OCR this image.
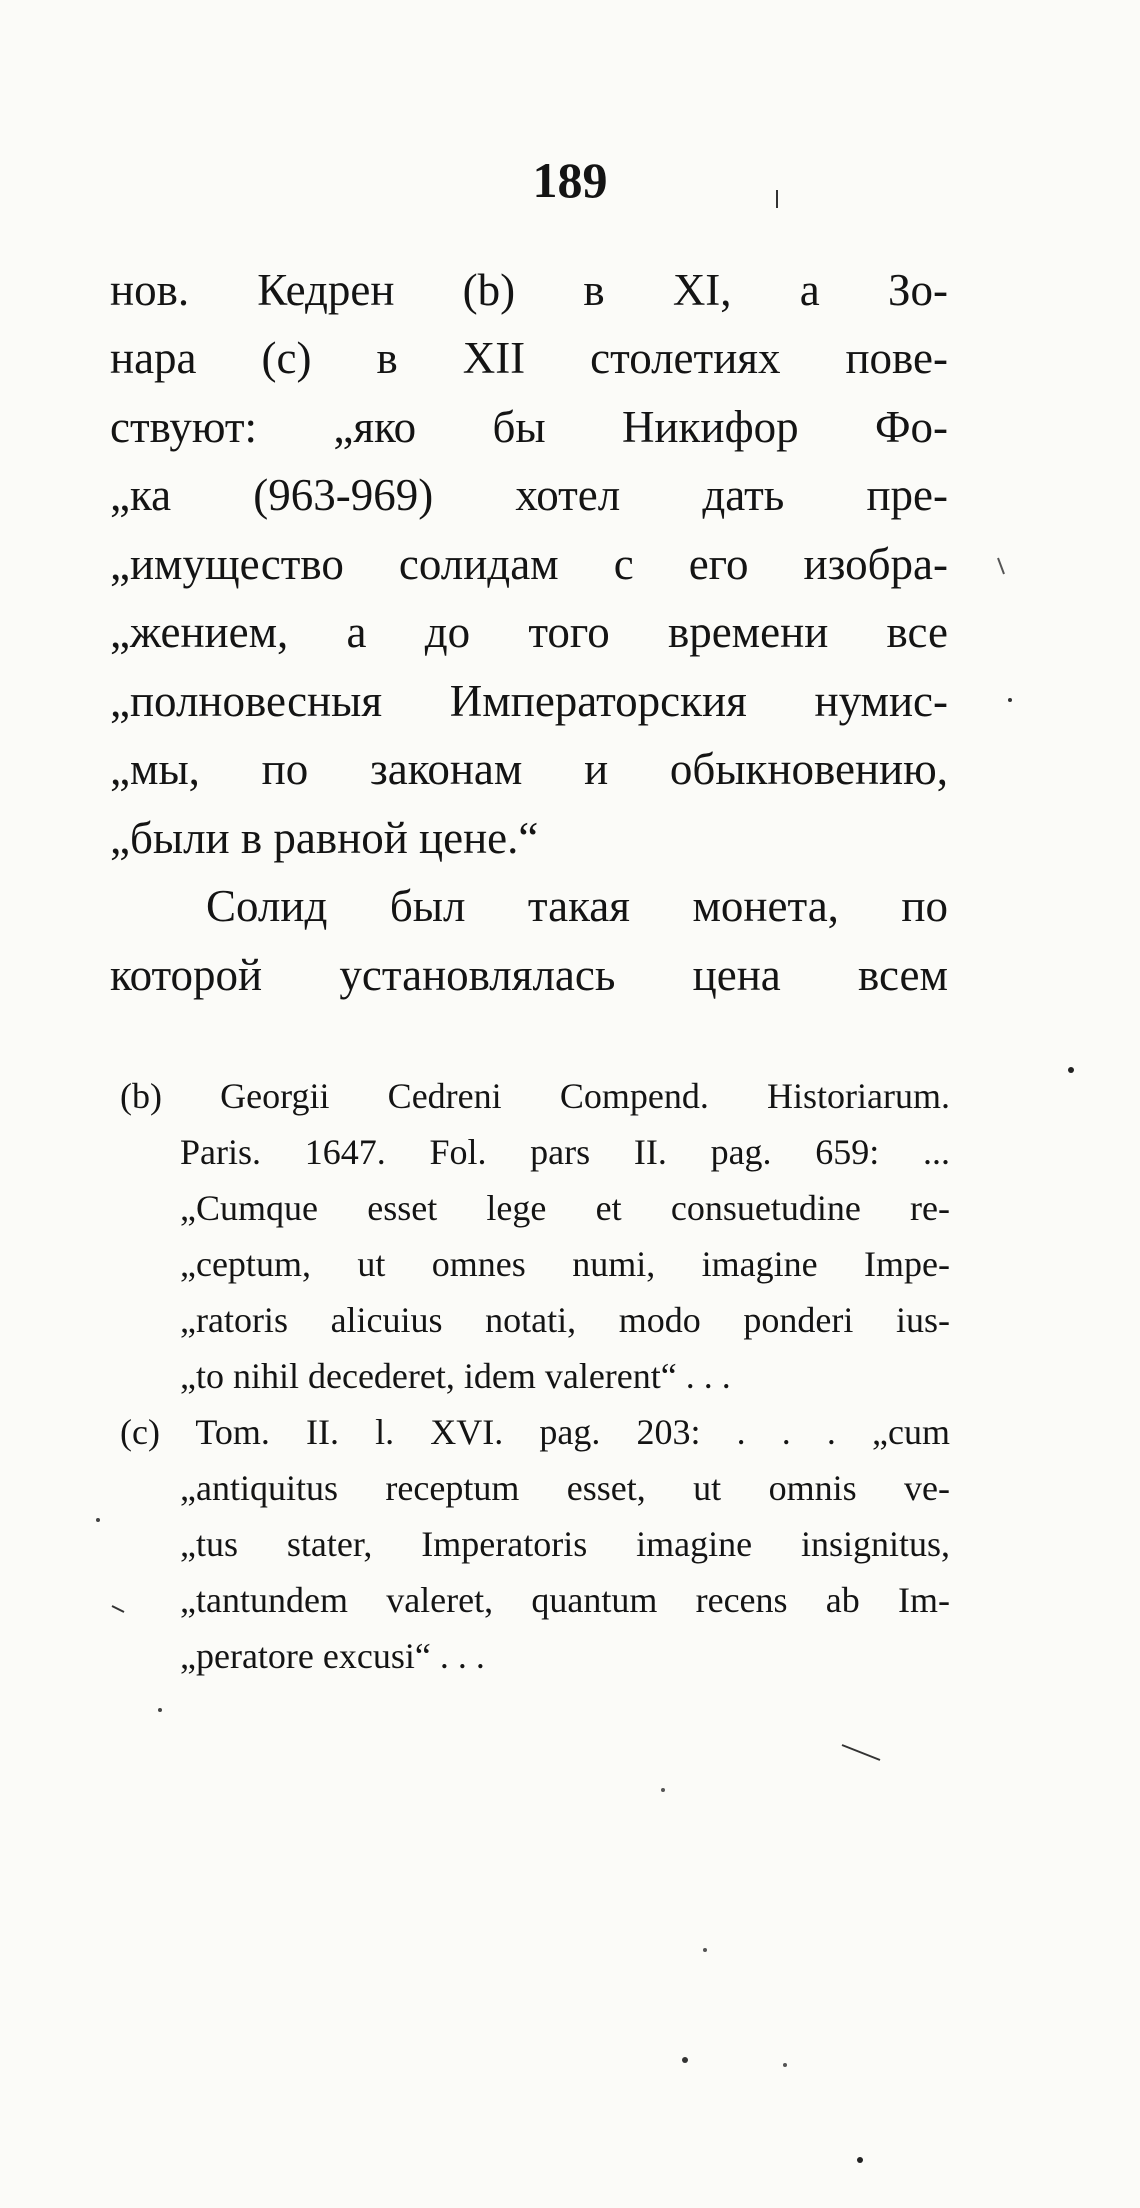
189
нов. Кедрен (b) в XI, а Зо-
нара (с) в XII столетиях пове-
ствуют: „яко бы Никифор Фо-
„ка (963-969) хотел дать пре-
„имущество солидам с его изобра-
„жением, а до того времени все
„полновесныя Императорския нумис-
„мы, по законам и обыкновению,
„были в равной цене.“
Солид был такая монета, по
которой установлялась цена всем
(b) Georgii Cedreni Compend. Historiarum.
Paris. 1647. Fol. pars II. pag. 659: ...
„Cumque esset lege et consuetudine re-
„ceptum, ut omnes numi, imagine Impe-
„ratoris alicuius notati, modo ponderi ius-
„to nihil decederet, idem valerent“ . . .
(c) Tom. II. l. XVI. pag. 203: . . . „cum
„antiquitus receptum esset, ut omnis ve-
„tus stater, Imperatoris imagine insignitus,
„tantundem valeret, quantum recens ab Im-
„peratore excusi“ . . .
